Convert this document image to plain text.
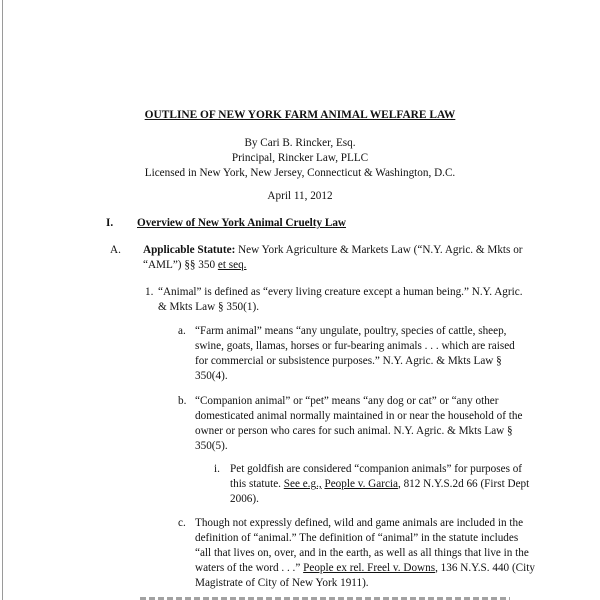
OUTLINE OF NEW YORK FARM ANIMAL WELFARE LAW
By Cari B. Rincker, Esq.
Principal, Rincker Law, PLLC
Licensed in New York, New Jersey, Connecticut & Washington, D.C.
April 11, 2012
I. Overview of New York Animal Cruelty Law
A. Applicable Statute: New York Agriculture & Markets Law (“N.Y. Agric. & Mkts or “AML”) §§ 350 et seq.
1. “Animal” is defined as “every living creature except a human being.” N.Y. Agric. & Mkts Law § 350(1).
a. “Farm animal” means “any ungulate, poultry, species of cattle, sheep, swine, goats, llamas, horses or fur-bearing animals . . . which are raised for commercial or subsistence purposes.” N.Y. Agric. & Mkts Law § 350(4).
b. “Companion animal” or “pet” means “any dog or cat” or “any other domesticated animal normally maintained in or near the household of the owner or person who cares for such animal. N.Y. Agric. & Mkts Law § 350(5).
i. Pet goldfish are considered “companion animals” for purposes of this statute. See e.g., People v. Garcia, 812 N.Y.S.2d 66 (First Dept 2006).
c. Though not expressly defined, wild and game animals are included in the definition of “animal.” The definition of “animal” in the statute includes “all that lives on, over, and in the earth, as well as all things that live in the waters of the word . . .” People ex rel. Freel v. Downs, 136 N.Y.S. 440 (City Magistrate of City of New York 1911).
